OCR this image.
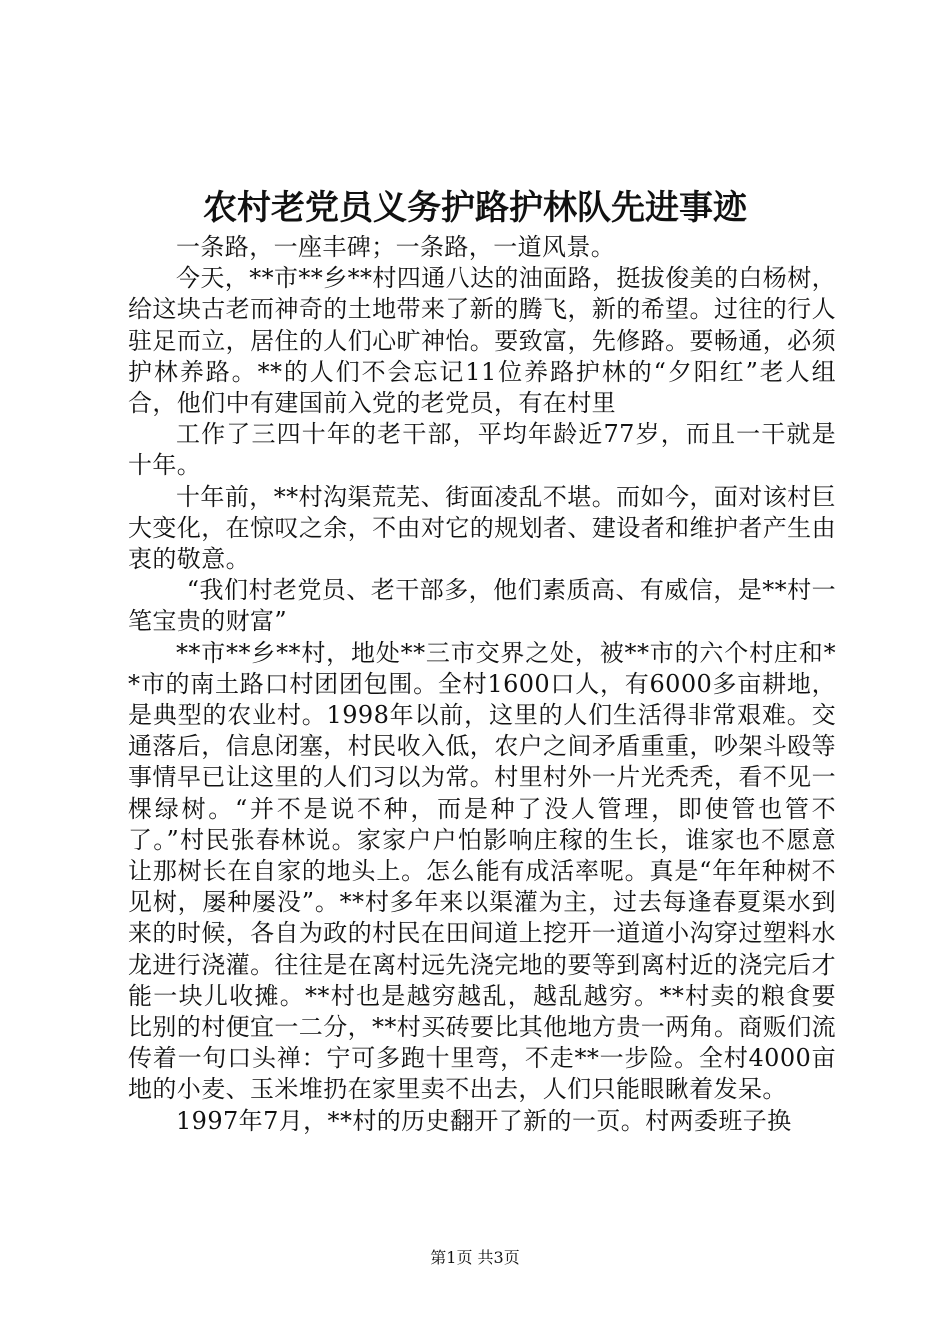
农村老党员义务护路护林队先进事迹

一条路，一座丰碑；一条路，一道风景。

今天，**市**乡**村四通八达的油面路，挺拔俊美的白杨树，给这块古老而神奇的土地带来了新的腾飞，新的希望。过往的行人驻足而立，居住的人们心旷神怡。要致富，先修路。要畅通，必须护林养路。**的人们不会忘记11位养路护林的“夕阳红”老人组合，他们中有建国前入党的老党员，有在村里

工作了三四十年的老干部，平均年龄近77岁，而且一干就是十年。

十年前，**村沟渠荒芜、街面凌乱不堪。而如今，面对该村巨大变化，在惊叹之余，不由对它的规划者、建设者和维护者产生由衷的敬意。

“我们村老党员、老干部多，他们素质高、有威信，是**村一笔宝贵的财富”

**市**乡**村，地处**三市交界之处，被**市的六个村庄和**市的南土路口村团团包围。全村1600口人，有6000多亩耕地，是典型的农业村。1998年以前，这里的人们生活得非常艰难。交通落后，信息闭塞，村民收入低，农户之间矛盾重重，吵架斗殴等事情早已让这里的人们习以为常。村里村外一片光秃秃，看不见一棵绿树。“并不是说不种，而是种了没人管理，即使管也管不了。”村民张春林说。家家户户怕影响庄稼的生长，谁家也不愿意让那树长在自家的地头上。怎么能有成活率呢。真是“年年种树不见树，屡种屡没”。**村多年来以渠灌为主，过去每逢春夏渠水到来的时候，各自为政的村民在田间道上挖开一道道小沟穿过塑料水龙进行浇灌。往往是在离村远先浇完地的要等到离村近的浇完后才能一块儿收摊。**村也是越穷越乱，越乱越穷。**村卖的粮食要比别的村便宜一二分，**村买砖要比其他地方贵一两角。商贩们流传着一句口头禅：宁可多跑十里弯，不走**一步险。全村4000亩地的小麦、玉米堆扔在家里卖不出去，人们只能眼瞅着发呆。

1997年7月，**村的历史翻开了新的一页。村两委班子换

第1页 共3页
